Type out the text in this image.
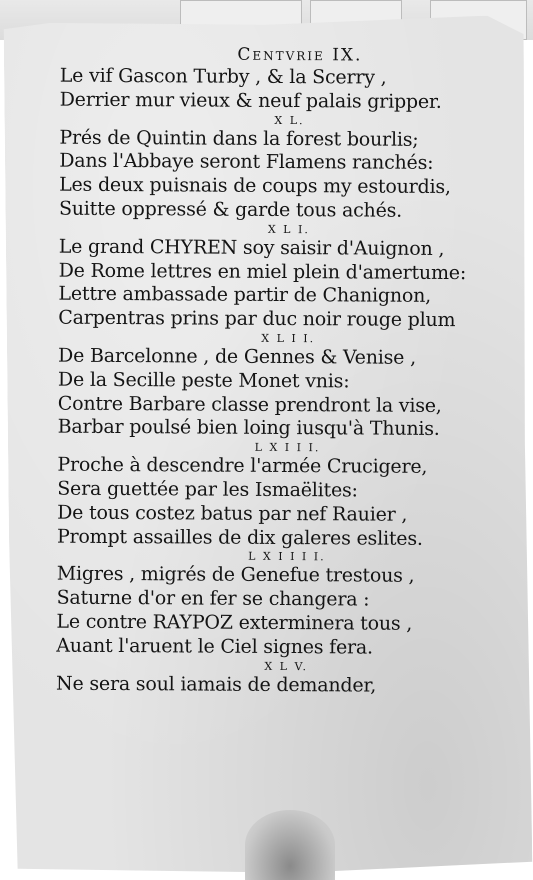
Centvrie IX.
Le vif Gascon Turby , & la Scerry ,
Derrier mur vieux & neuf palais gripper.
X L.
Prés de Quintin dans la forest bourlis;
Dans l'Abbaye seront Flamens ranchés:
Les deux puisnais de coups my estourdis,
Suitte oppressé & garde tous achés.
X L I.
Le grand CHYREN soy saisir d'Auignon ,
De Rome lettres en miel plein d'amertume:
Lettre ambassade partir de Chanignon,
Carpentras prins par duc noir rouge plum
X L I I.
De Barcelonne , de Gennes & Venise ,
De la Secille peste Monet vnis:
Contre Barbare classe prendront la vise,
Barbar poulsé bien loing iusqu'à Thunis.
L X I I I.
Proche à descendre l'armée Crucigere,
Sera guettée par les Ismaëlites:
De tous costez batus par nef Rauier ,
Prompt assailles de dix galeres eslites.
L X I I I I.
Migres , migrés de Genefue trestous ,
Saturne d'or en fer se changera :
Le contre RAYPOZ exterminera tous ,
Auant l'aruent le Ciel signes fera.
X L V.
Ne sera soul iamais de demander,
